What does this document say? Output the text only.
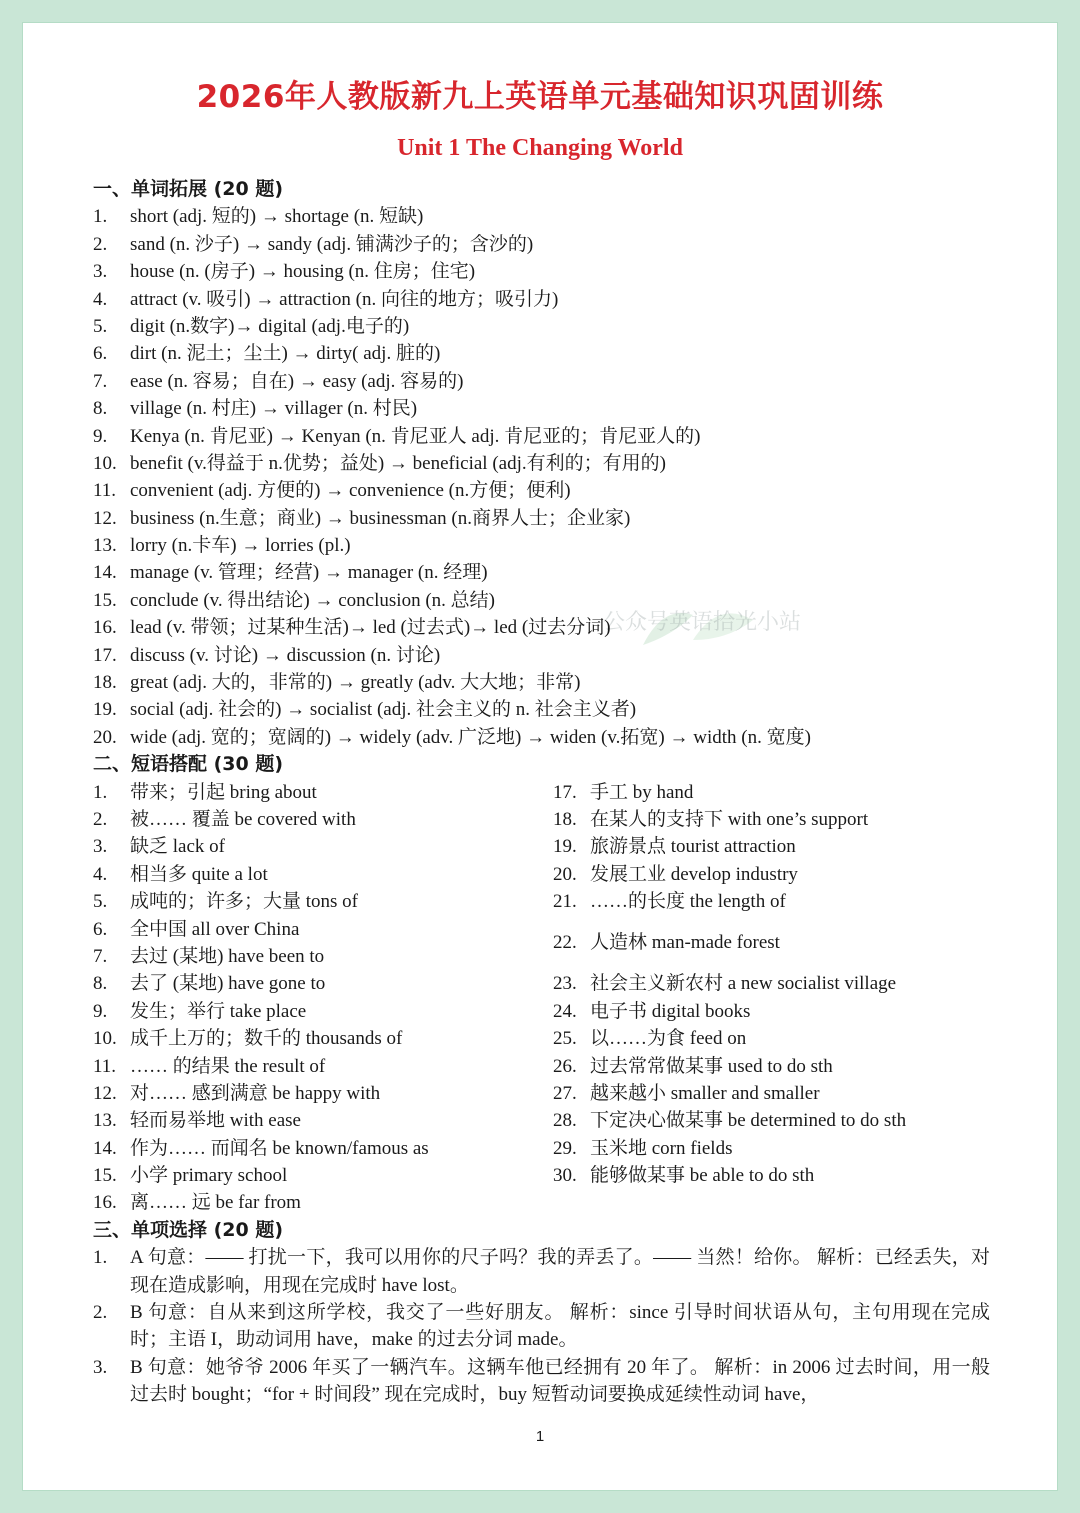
2026年人教版新九上英语单元基础知识巩固训练
Unit 1 The Changing World
公众号英语拾光小站
一、单词拓展 (20 题)
1.	short (adj. 短的) → shortage (n. 短缺)
2.	sand (n. 沙子) → sandy (adj. 铺满沙子的；含沙的)
3.	house (n. (房子) → housing (n. 住房；住宅)
4.	attract (v. 吸引) → attraction (n. 向往的地方；吸引力)
5.	digit (n.数字)→ digital (adj.电子的)
6.	dirt (n. 泥土；尘土) → dirty( adj. 脏的)
7.	ease (n. 容易；自在) → easy (adj. 容易的)
8.	village (n. 村庄) → villager (n. 村民)
9.	Kenya (n. 肯尼亚) → Kenyan (n. 肯尼亚人 adj. 肯尼亚的；肯尼亚人的)
10. benefit (v.得益于 n.优势；益处) → beneficial (adj.有利的；有用的)
11. convenient (adj. 方便的) → convenience (n.方便；便利)
12. business (n.生意；商业) → businessman (n.商界人士；企业家)
13. lorry (n.卡车) → lorries (pl.)
14. manage (v. 管理；经营) → manager (n. 经理)
15. conclude (v. 得出结论) → conclusion (n. 总结)
16. lead (v. 带领；过某种生活)→ led (过去式)→ led (过去分词)
17. discuss (v. 讨论) → discussion (n. 讨论)
18. great (adj. 大的，非常的) → greatly (adv. 大大地；非常)
19. social (adj. 社会的) → socialist (adj. 社会主义的 n. 社会主义者)
20. wide (adj. 宽的；宽阔的) → widely (adv. 广泛地) → widen (v.拓宽) → width (n. 宽度)
二、短语搭配 (30 题)
1.	带来；引起 bring about
2.	被…… 覆盖 be covered with
3.	缺乏 lack of
4.	相当多 quite a lot
5.	成吨的；许多；大量 tons of
6.	全中国 all over China
7.	去过 (某地) have been to
8.	去了 (某地) have gone to
9.	发生；举行 take place
10. 成千上万的；数千的 thousands of
11. …… 的结果 the result of
12. 对…… 感到满意 be happy with
13. 轻而易举地 with ease
14. 作为…… 而闻名 be known/famous as
15. 小学 primary school
16. 离…… 远 be far from
17. 手工 by hand
18. 在某人的支持下 with one’s support
19. 旅游景点 tourist attraction
20. 发展工业 develop industry
21. ……的长度 the length of
22. 人造林 man-made forest
23. 社会主义新农村 a new socialist village
24. 电子书 digital books
25. 以……为食 feed on
26. 过去常常做某事 used to do sth
27. 越来越小 smaller and smaller
28. 下定决心做某事 be determined to do sth
29. 玉米地 corn fields
30. 能够做某事 be able to do sth
三、单项选择 (20 题)
1.	A 句意：—— 打扰一下，我可以用你的尺子吗？我的弄丢了。—— 当然！给你。 解析：已经丢失，对现在造成影响，用现在完成时 have lost。
2.	B 句意：自从来到这所学校，我交了一些好朋友。 解析：since 引导时间状语从句，主句用现在完成时；主语 I，助动词用 have，make 的过去分词 made。
3.	B 句意：她爷爷 2006 年买了一辆汽车。这辆车他已经拥有 20 年了。 解析：in 2006 过去时间，用一般过去时 bought；“for + 时间段” 现在完成时，buy 短暂动词要换成延续性动词 have，
1
